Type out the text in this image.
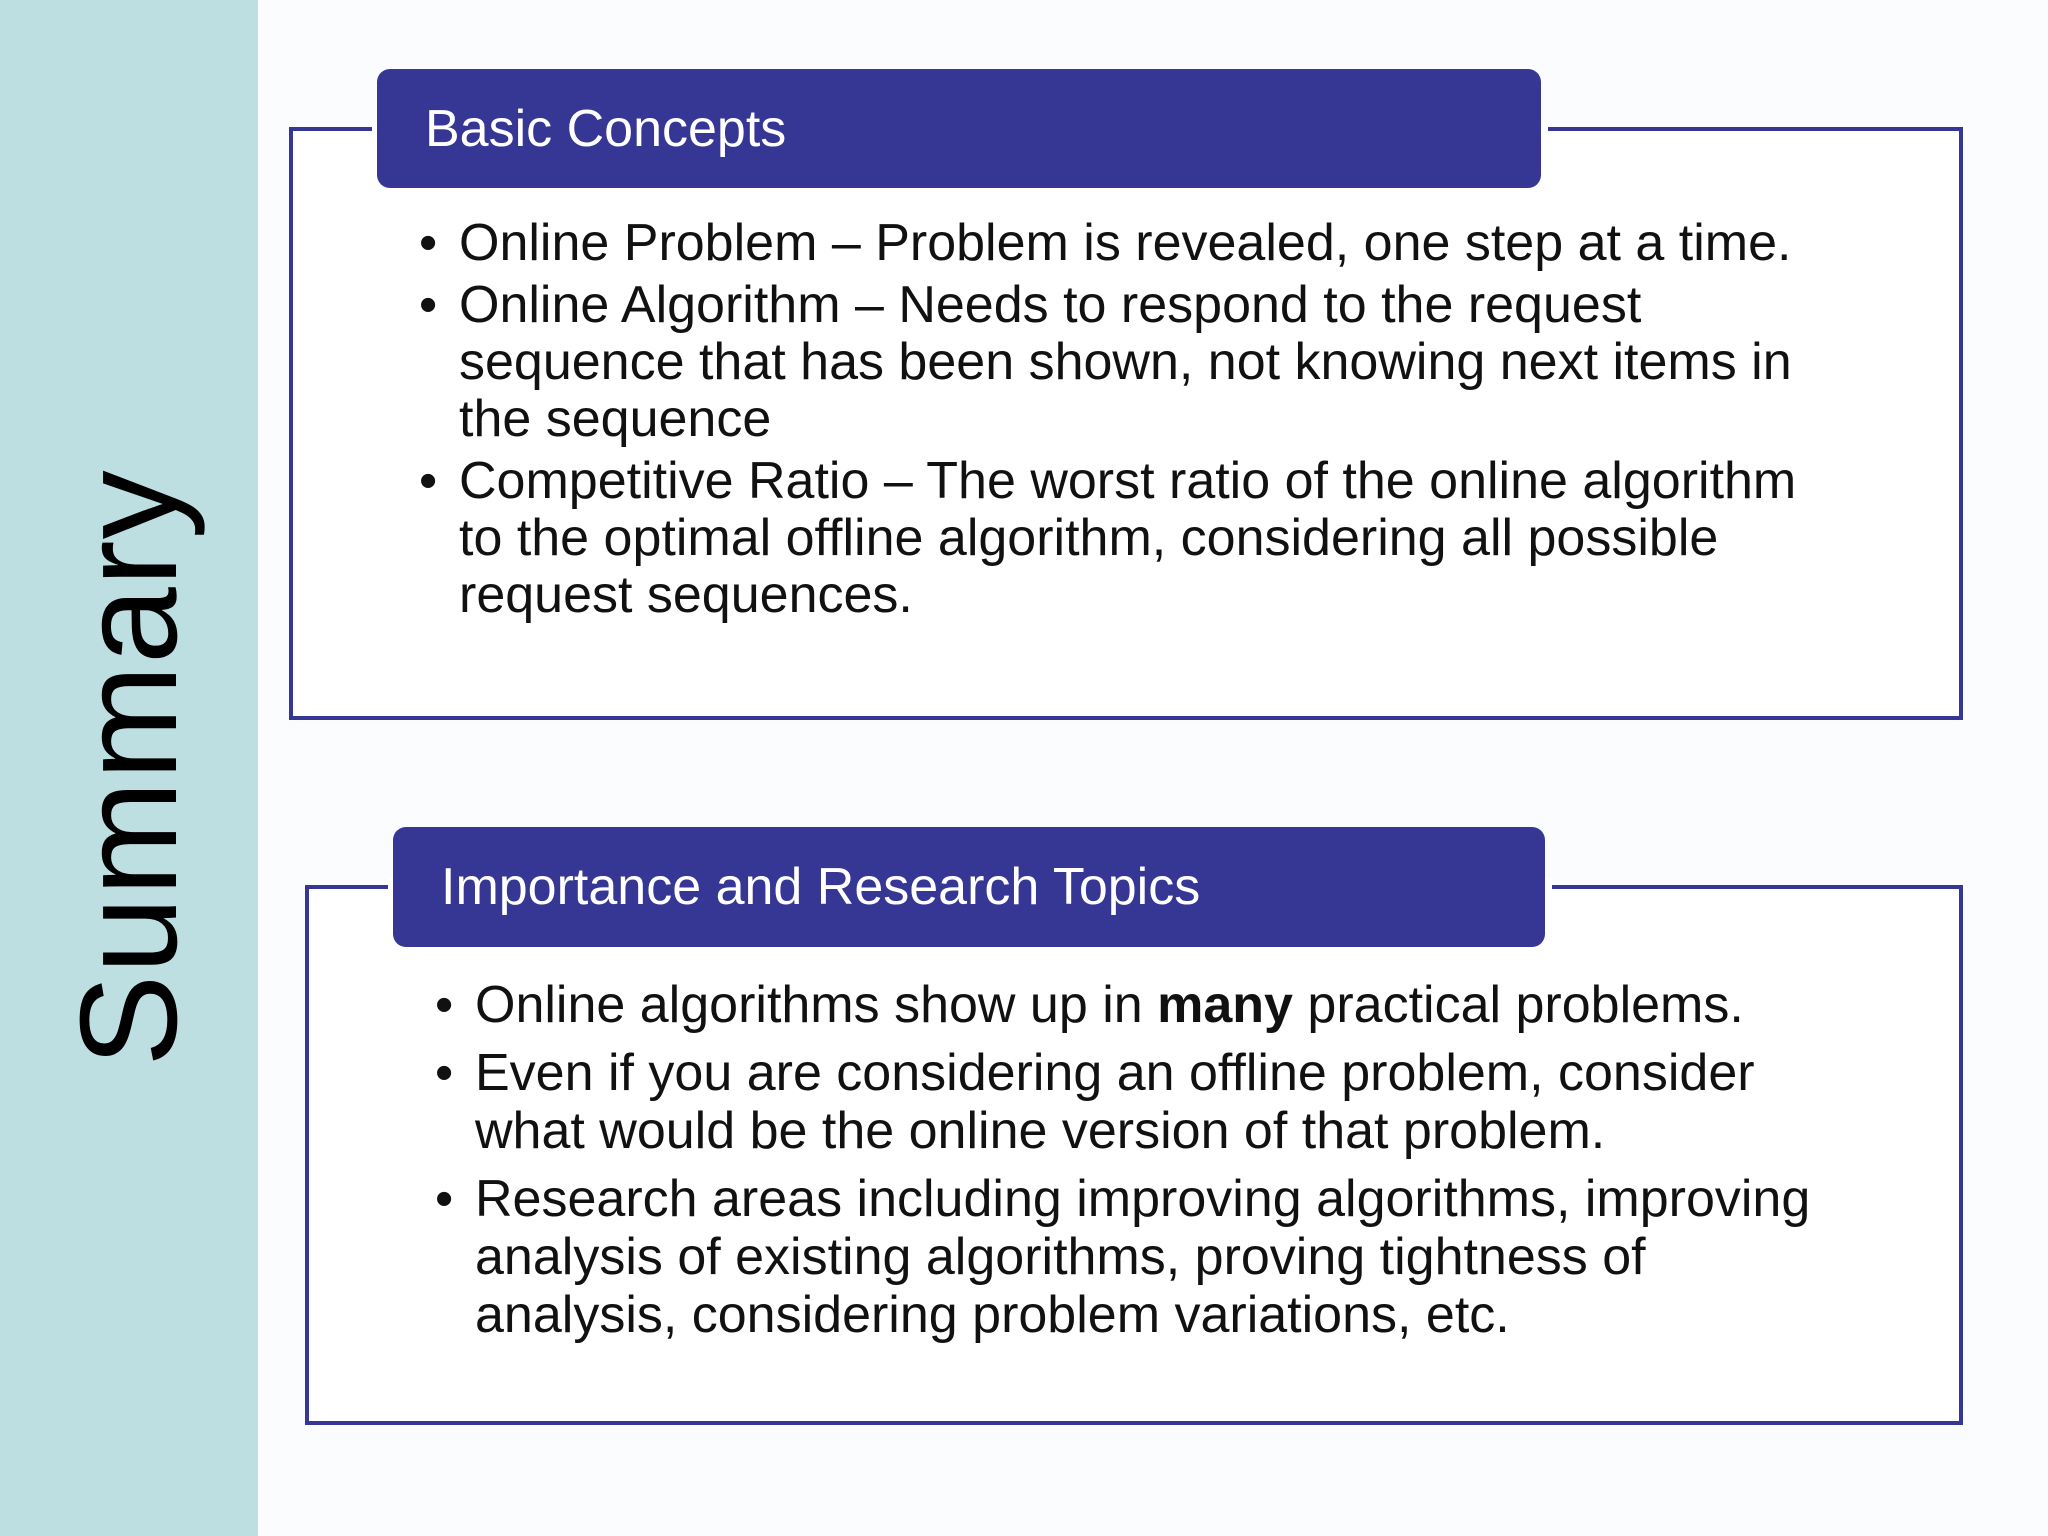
Summary
Basic Concepts
• Online Problem – Problem is revealed, one step at a time.
• Online Algorithm – Needs to respond to the request sequence that has been shown, not knowing next items in the sequence
• Competitive Ratio – The worst ratio of the online algorithm to the optimal offline algorithm, considering all possible request sequences.
Importance and Research Topics
• Online algorithms show up in many practical problems.
• Even if you are considering an offline problem, consider what would be the online version of that problem.
• Research areas including improving algorithms, improving analysis of existing algorithms, proving tightness of analysis, considering problem variations, etc.
